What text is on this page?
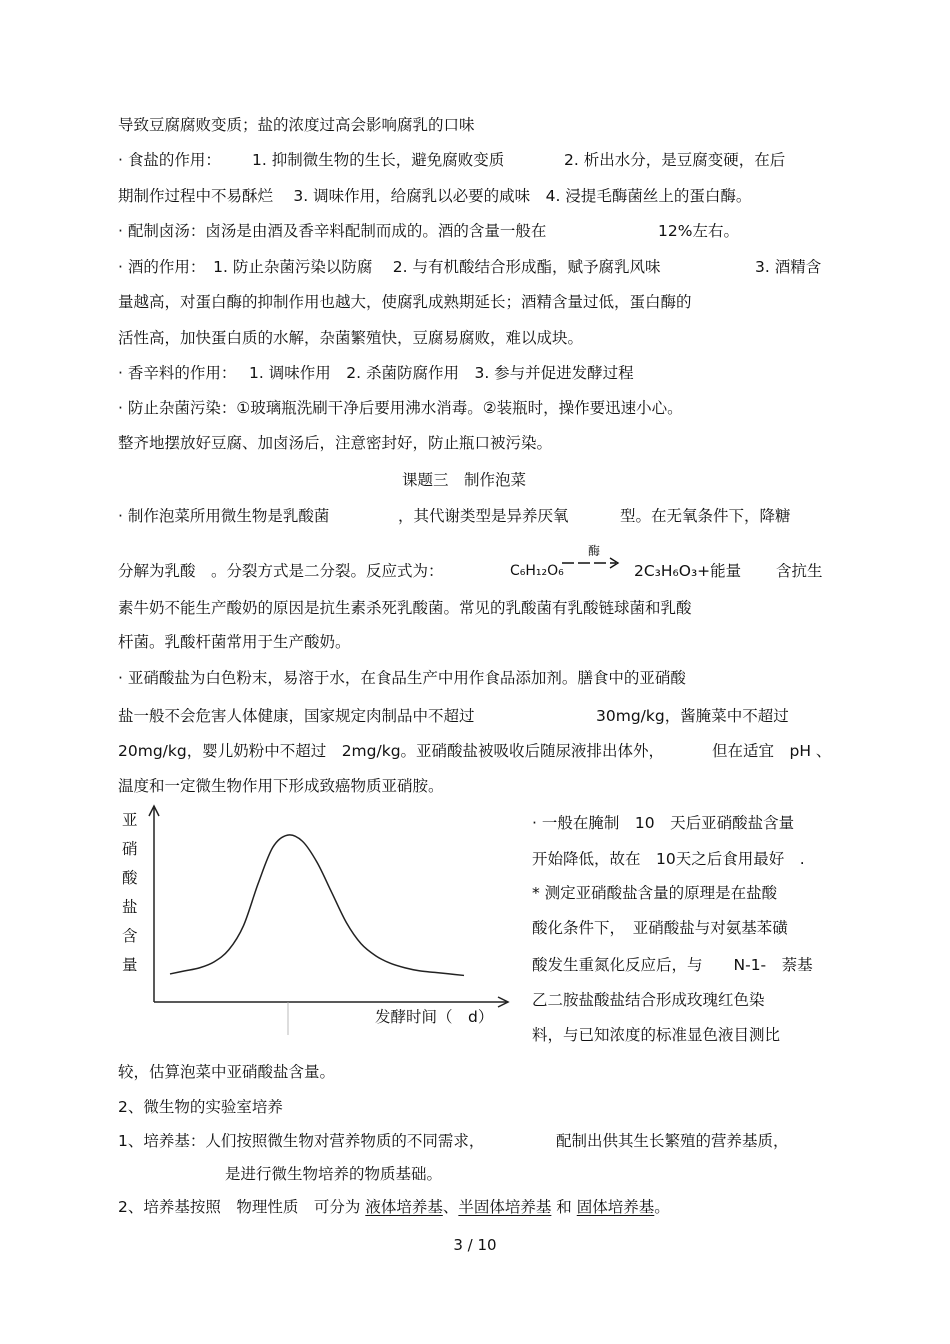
导致豆腐腐败变质；盐的浓度过高会影响腐乳的口味
· 食盐的作用： 1. 抑制微生物的生长，避免腐败变质	2. 析出水分，是豆腐变硬，在后
期制作过程中不易酥烂　 3. 调味作用，给腐乳以必要的咸味　4. 浸提毛酶菌丝上的蛋白酶。
· 配制卤汤：卤汤是由酒及香辛料配制而成的。酒的含量一般在	12%左右。
· 酒的作用：　1. 防止杂菌污染以防腐　 2. 与有机酸结合形成酯，赋予腐乳风味	3. 酒精含
量越高，对蛋白酶的抑制作用也越大，使腐乳成熟期延长；酒精含量过低，蛋白酶的
活性高，加快蛋白质的水解，杂菌繁殖快，豆腐易腐败，难以成块。
· 香辛料的作用：　 1. 调味作用　2. 杀菌防腐作用　3. 参与并促进发酵过程
· 防止杂菌污染：①玻璃瓶洗刷干净后要用沸水消毒。②装瓶时，操作要迅速小心。
整齐地摆放好豆腐、加卤汤后，注意密封好，防止瓶口被污染。
课题三　制作泡菜
· 制作泡菜所用微生物是乳酸菌	，其代谢类型是异养厌氧	型。在无氧条件下，降糖
酶
分解为乳酸　。分裂方式是二分裂。反应式为：	C₆H₁₂O₆	2C₃H₆O₃+能量 含抗生
素牛奶不能生产酸奶的原因是抗生素杀死乳酸菌。常见的乳酸菌有乳酸链球菌和乳酸
杆菌。乳酸杆菌常用于生产酸奶。
· 亚硝酸盐为白色粉末，易溶于水，在食品生产中用作食品添加剂。膳食中的亚硝酸
盐一般不会危害人体健康，国家规定肉制品中不超过	30mg/kg，酱腌菜中不超过
20mg/kg，婴儿奶粉中不超过　2mg/kg。亚硝酸盐被吸收后随尿液排出体外，	但在适宜　pH 、
温度和一定微生物作用下形成致癌物质亚硝胺。
亚
硝
酸
盐
含
量
发酵时间（　d）
· 一般在腌制　10　天后亚硝酸盐含量
开始降低，故在　10天之后食用最好　.
* 测定亚硝酸盐含量的原理是在盐酸
酸化条件下，　亚硝酸盐与对氨基苯磺
酸发生重氮化反应后，与　　N-1-　萘基
乙二胺盐酸盐结合形成玫瑰红色染
料，与已知浓度的标准显色液目测比
较，估算泡菜中亚硝酸盐含量。
2、微生物的实验室培养
1、培养基：人们按照微生物对营养物质的不同需求，	配制出供其生长繁殖的营养基质，
是进行微生物培养的物质基础。
2、培养基按照　物理性质　可分为 液体培养基、半固体培养基 和 固体培养基。
3 / 10
